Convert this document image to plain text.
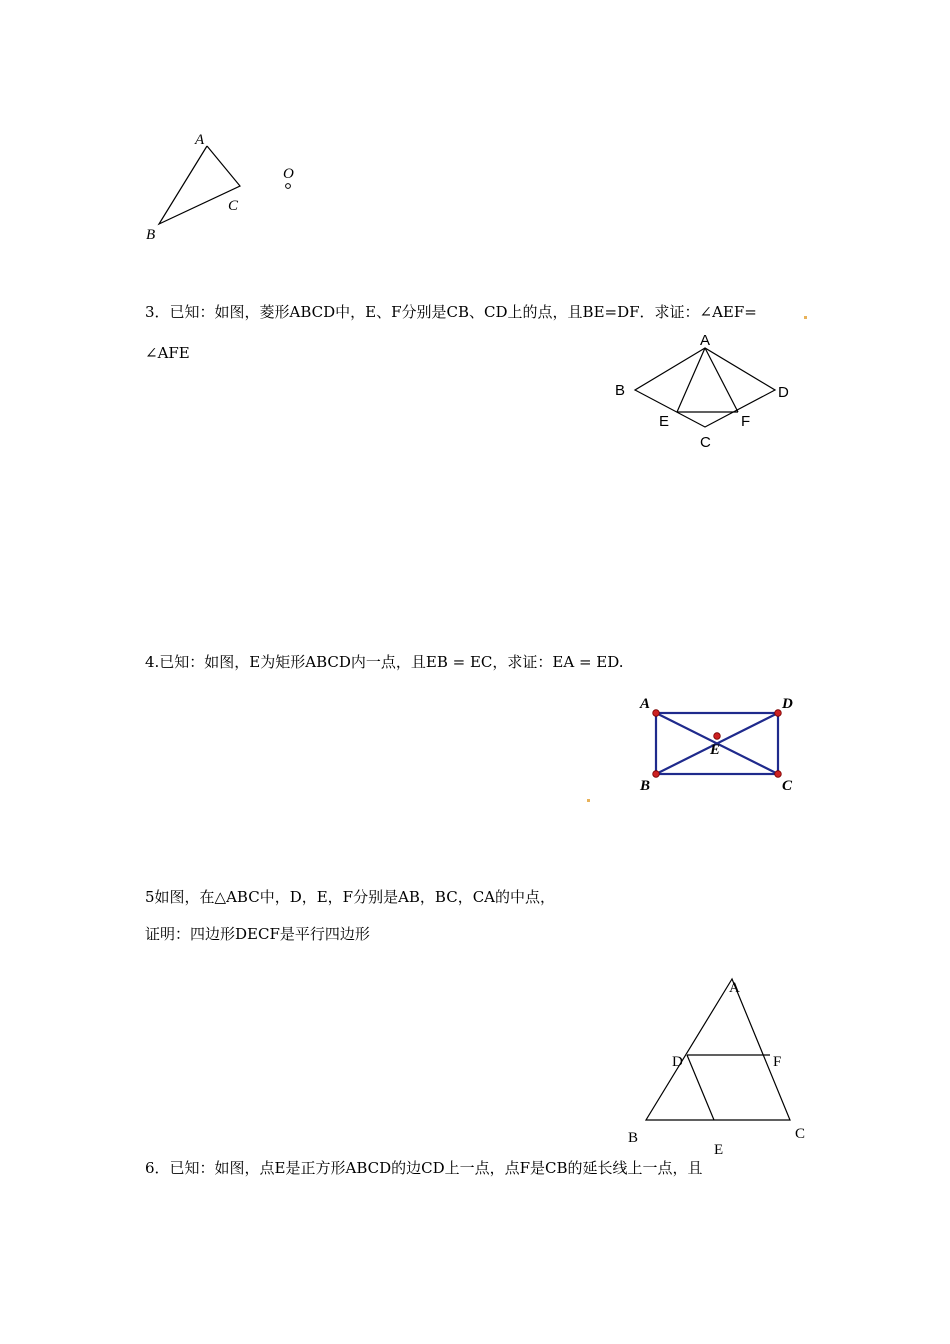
A
B
C
O
3．已知：如图，菱形ABCD中，E、F分别是CB、CD上的点，且BE=DF．求证：∠AEF=
∠AFE
A
B	D
E	F
C
4.已知：如图，E为矩形ABCD内一点，且EB = EC，求证：EA = ED.
A	D
E
B	C
5如图，在△ABC中，D，E，F分别是AB，BC，CA的中点，
证明：四边形DECF是平行四边形
A
D	F
B
E
C
6．已知：如图，点E是正方形ABCD的边CD上一点，点F是CB的延长线上一点，且
